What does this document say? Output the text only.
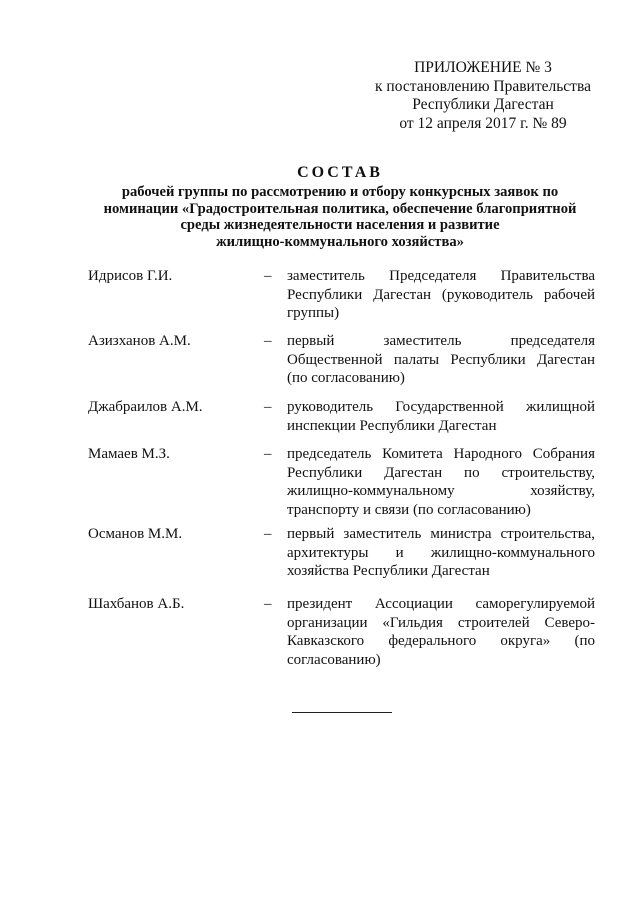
ПРИЛОЖЕНИЕ № 3
к постановлению Правительства
Республики Дагестан
от 12 апреля 2017 г. № 89
СОСТАВ
рабочей группы по рассмотрению и отбору конкурсных заявок по
номинации «Градостроительная политика, обеспечение благоприятной
среды жизнедеятельности населения и развитие
жилищно-коммунального хозяйства»
Идрисов Г.И.	– заместитель Председателя Правительства
Республики Дагестан (руководитель рабочей
группы)
Азизханов А.М.	– первый заместитель председателя
Общественной палаты Республики Дагестан
(по согласованию)
Джабраилов А.М.	– руководитель Государственной жилищной
инспекции Республики Дагестан
Мамаев М.З.	– председатель Комитета Народного Собрания
Республики Дагестан по строительству,
жилищно-коммунальному хозяйству,
транспорту и связи (по согласованию)
Османов М.М.	– первый заместитель министра строительства,
архитектуры и жилищно-коммунального
хозяйства Республики Дагестан
Шахбанов А.Б.	– президент Ассоциации саморегулируемой
организации «Гильдия строителей Северо-
Кавказского федерального округа» (по
согласованию)
